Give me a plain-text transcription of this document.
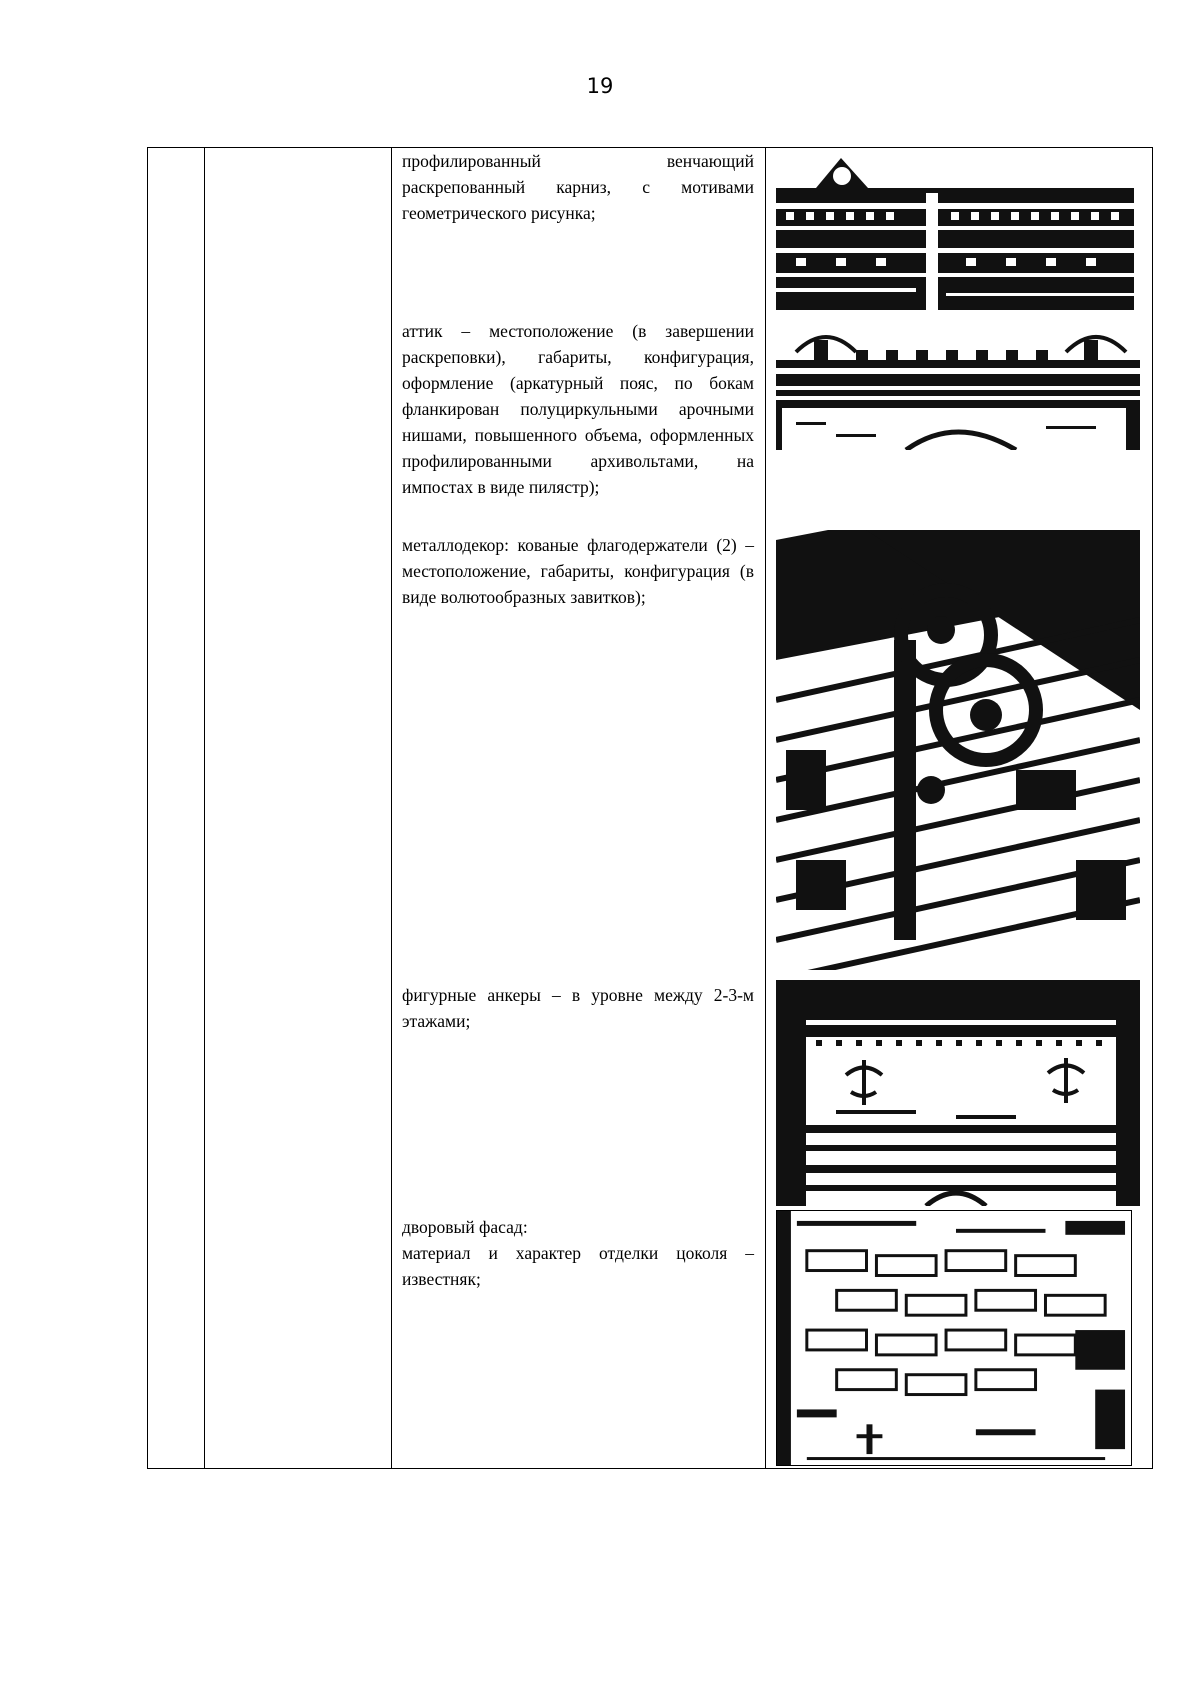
19

профилированный венчающий раскрепованный карниз, с мотивами геометрического рисунка;

аттик – местоположение (в завершении раскреповки), габариты, конфигурация, оформление (аркатурный пояс, по бокам фланкирован полуциркульными арочными нишами, повышенного объема, оформленных профилированными архивольтами, на импостах в виде пилястр);

металлодекор: кованые флагодержатели (2) – местоположение, габариты, конфигурация (в виде волютообразных завитков);

фигурные анкеры – в уровне между 2-3-м этажами;

дворовый фасад:

материал и характер отделки цоколя – известняк;
